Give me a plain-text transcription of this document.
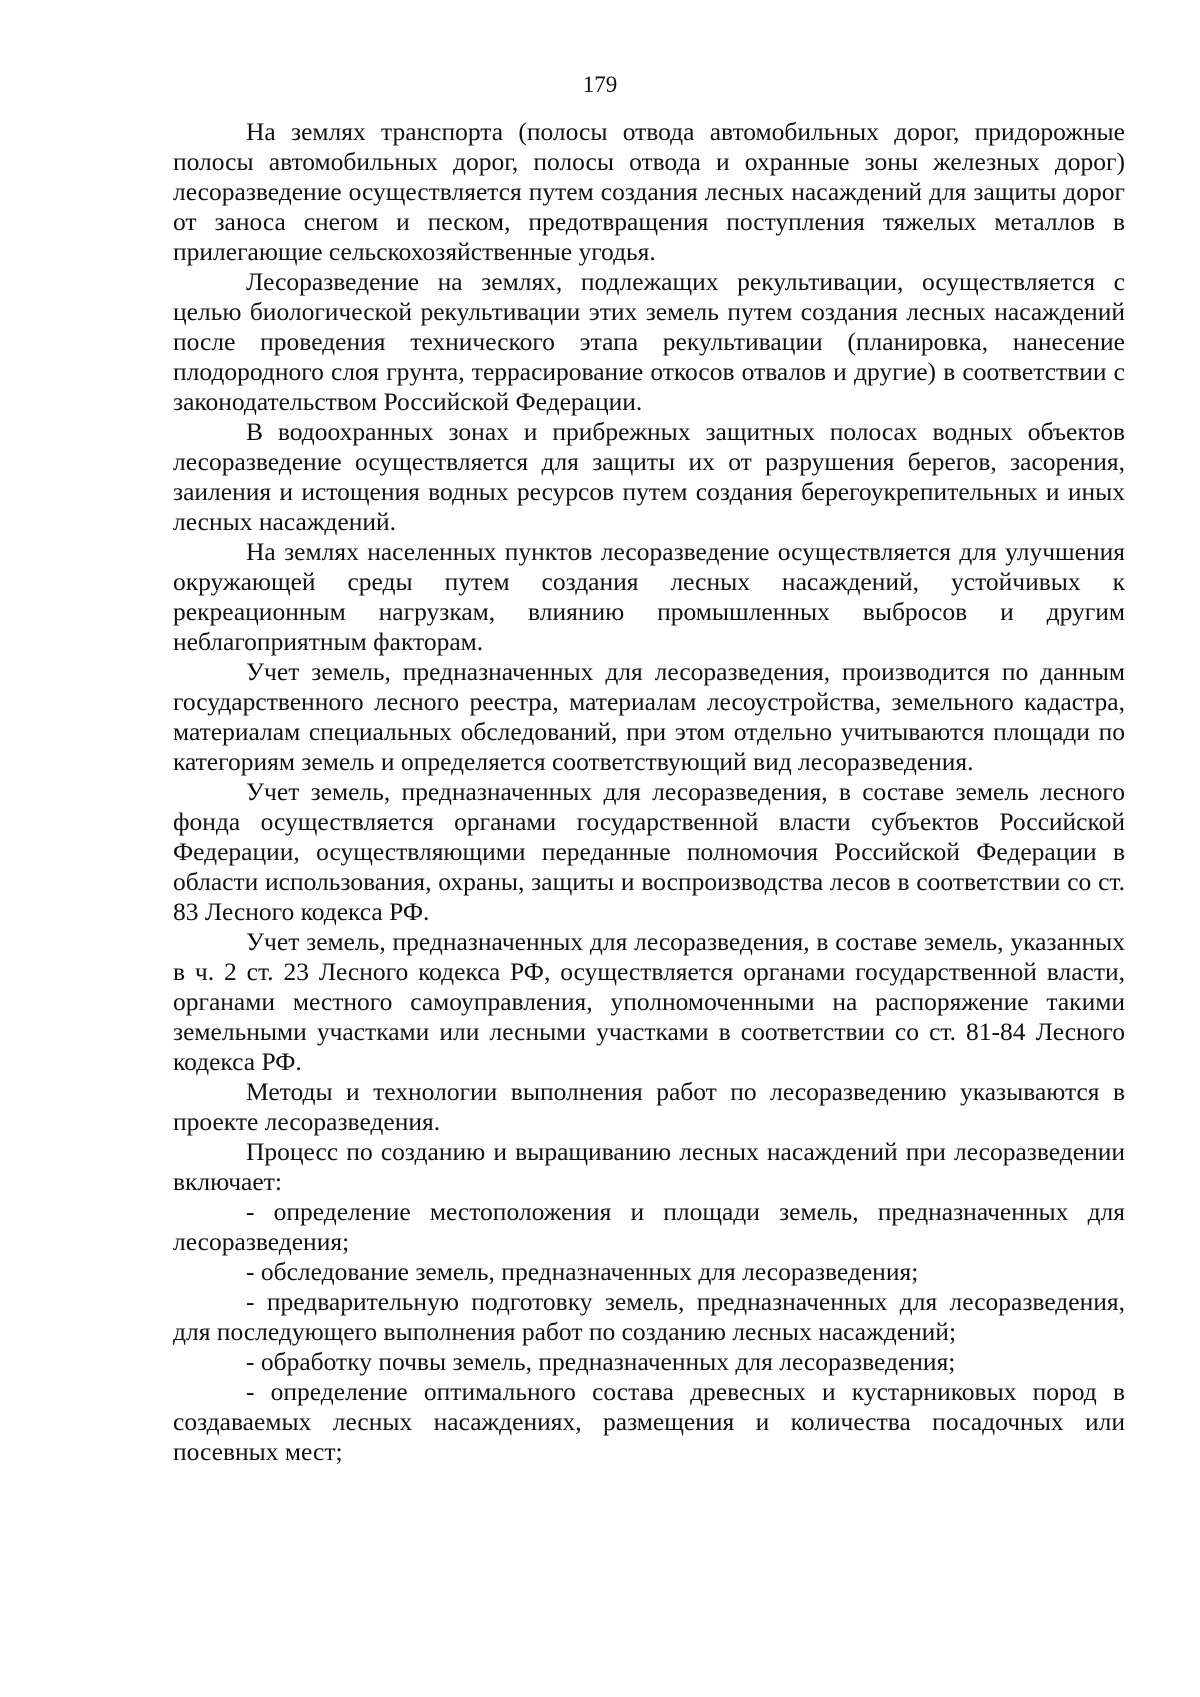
179

На землях транспорта (полосы отвода автомобильных дорог, придорожные полосы автомобильных дорог, полосы отвода и охранные зоны железных дорог) лесоразведение осуществляется путем создания лесных насаждений для защиты дорог от заноса снегом и песком, предотвращения поступления тяжелых металлов в прилегающие сельскохозяйственные угодья.

Лесоразведение на землях, подлежащих рекультивации, осуществляется с целью биологической рекультивации этих земель путем создания лесных насаждений после проведения технического этапа рекультивации (планировка, нанесение плодородного слоя грунта, террасирование откосов отвалов и другие) в соответствии с законодательством Российской Федерации.

В водоохранных зонах и прибрежных защитных полосах водных объектов лесоразведение осуществляется для защиты их от разрушения берегов, засорения, заиления и истощения водных ресурсов путем создания берегоукрепительных и иных лесных насаждений.

На землях населенных пунктов лесоразведение осуществляется для улучшения окружающей среды путем создания лесных насаждений, устойчивых к рекреационным нагрузкам, влиянию промышленных выбросов и другим неблагоприятным факторам.

Учет земель, предназначенных для лесоразведения, производится по данным государственного лесного реестра, материалам лесоустройства, земельного кадастра, материалам специальных обследований, при этом отдельно учитываются площади по категориям земель и определяется соответствующий вид лесоразведения.

Учет земель, предназначенных для лесоразведения, в составе земель лесного фонда осуществляется органами государственной власти субъектов Российской Федерации, осуществляющими переданные полномочия Российской Федерации в области использования, охраны, защиты и воспроизводства лесов в соответствии со ст. 83 Лесного кодекса РФ.

Учет земель, предназначенных для лесоразведения, в составе земель, указанных в ч. 2 ст. 23 Лесного кодекса РФ, осуществляется органами государственной власти, органами местного самоуправления, уполномоченными на распоряжение такими земельными участками или лесными участками в соответствии со ст. 81-84 Лесного кодекса РФ.

Методы и технологии выполнения работ по лесоразведению указываются в проекте лесоразведения.

Процесс по созданию и выращиванию лесных насаждений при лесоразведении включает:

- определение местоположения и площади земель, предназначенных для лесоразведения;

- обследование земель, предназначенных для лесоразведения;

- предварительную подготовку земель, предназначенных для лесоразведения, для последующего выполнения работ по созданию лесных насаждений;

- обработку почвы земель, предназначенных для лесоразведения;

- определение оптимального состава древесных и кустарниковых пород в создаваемых лесных насаждениях, размещения и количества посадочных или посевных мест;
